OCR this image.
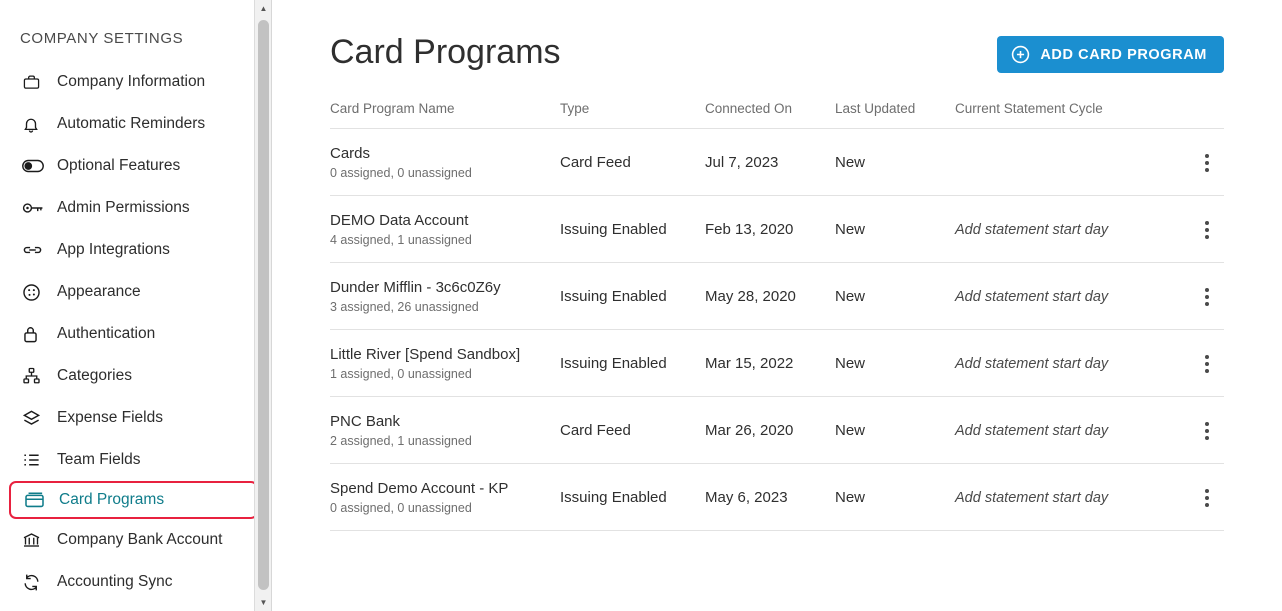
COMPANY SETTINGS
Company Information
Automatic Reminders
Optional Features
Admin Permissions
App Integrations
Appearance
Authentication
Categories
Expense Fields
Team Fields
Card Programs
Company Bank Account
Accounting Sync
▲
▼
Card Programs	ADD CARD PROGRAM
Card Program Name	Type	Connected On	Last Updated	Current Statement Cycle	

Cards
0 assigned, 0 unassigned	Card Feed	Jul 7, 2023	New		

DEMO Data Account
4 assigned, 1 unassigned	Issuing Enabled	Feb 13, 2020	New	Add statement start day	

Dunder Mifflin - 3c6c0Z6y
3 assigned, 26 unassigned	Issuing Enabled	May 28, 2020	New	Add statement start day	

Little River [Spend Sandbox]
1 assigned, 0 unassigned	Issuing Enabled	Mar 15, 2022	New	Add statement start day	

PNC Bank
2 assigned, 1 unassigned	Card Feed	Mar 26, 2020	New	Add statement start day	

Spend Demo Account - KP
0 assigned, 0 unassigned	Issuing Enabled	May 6, 2023	New	Add statement start day	
